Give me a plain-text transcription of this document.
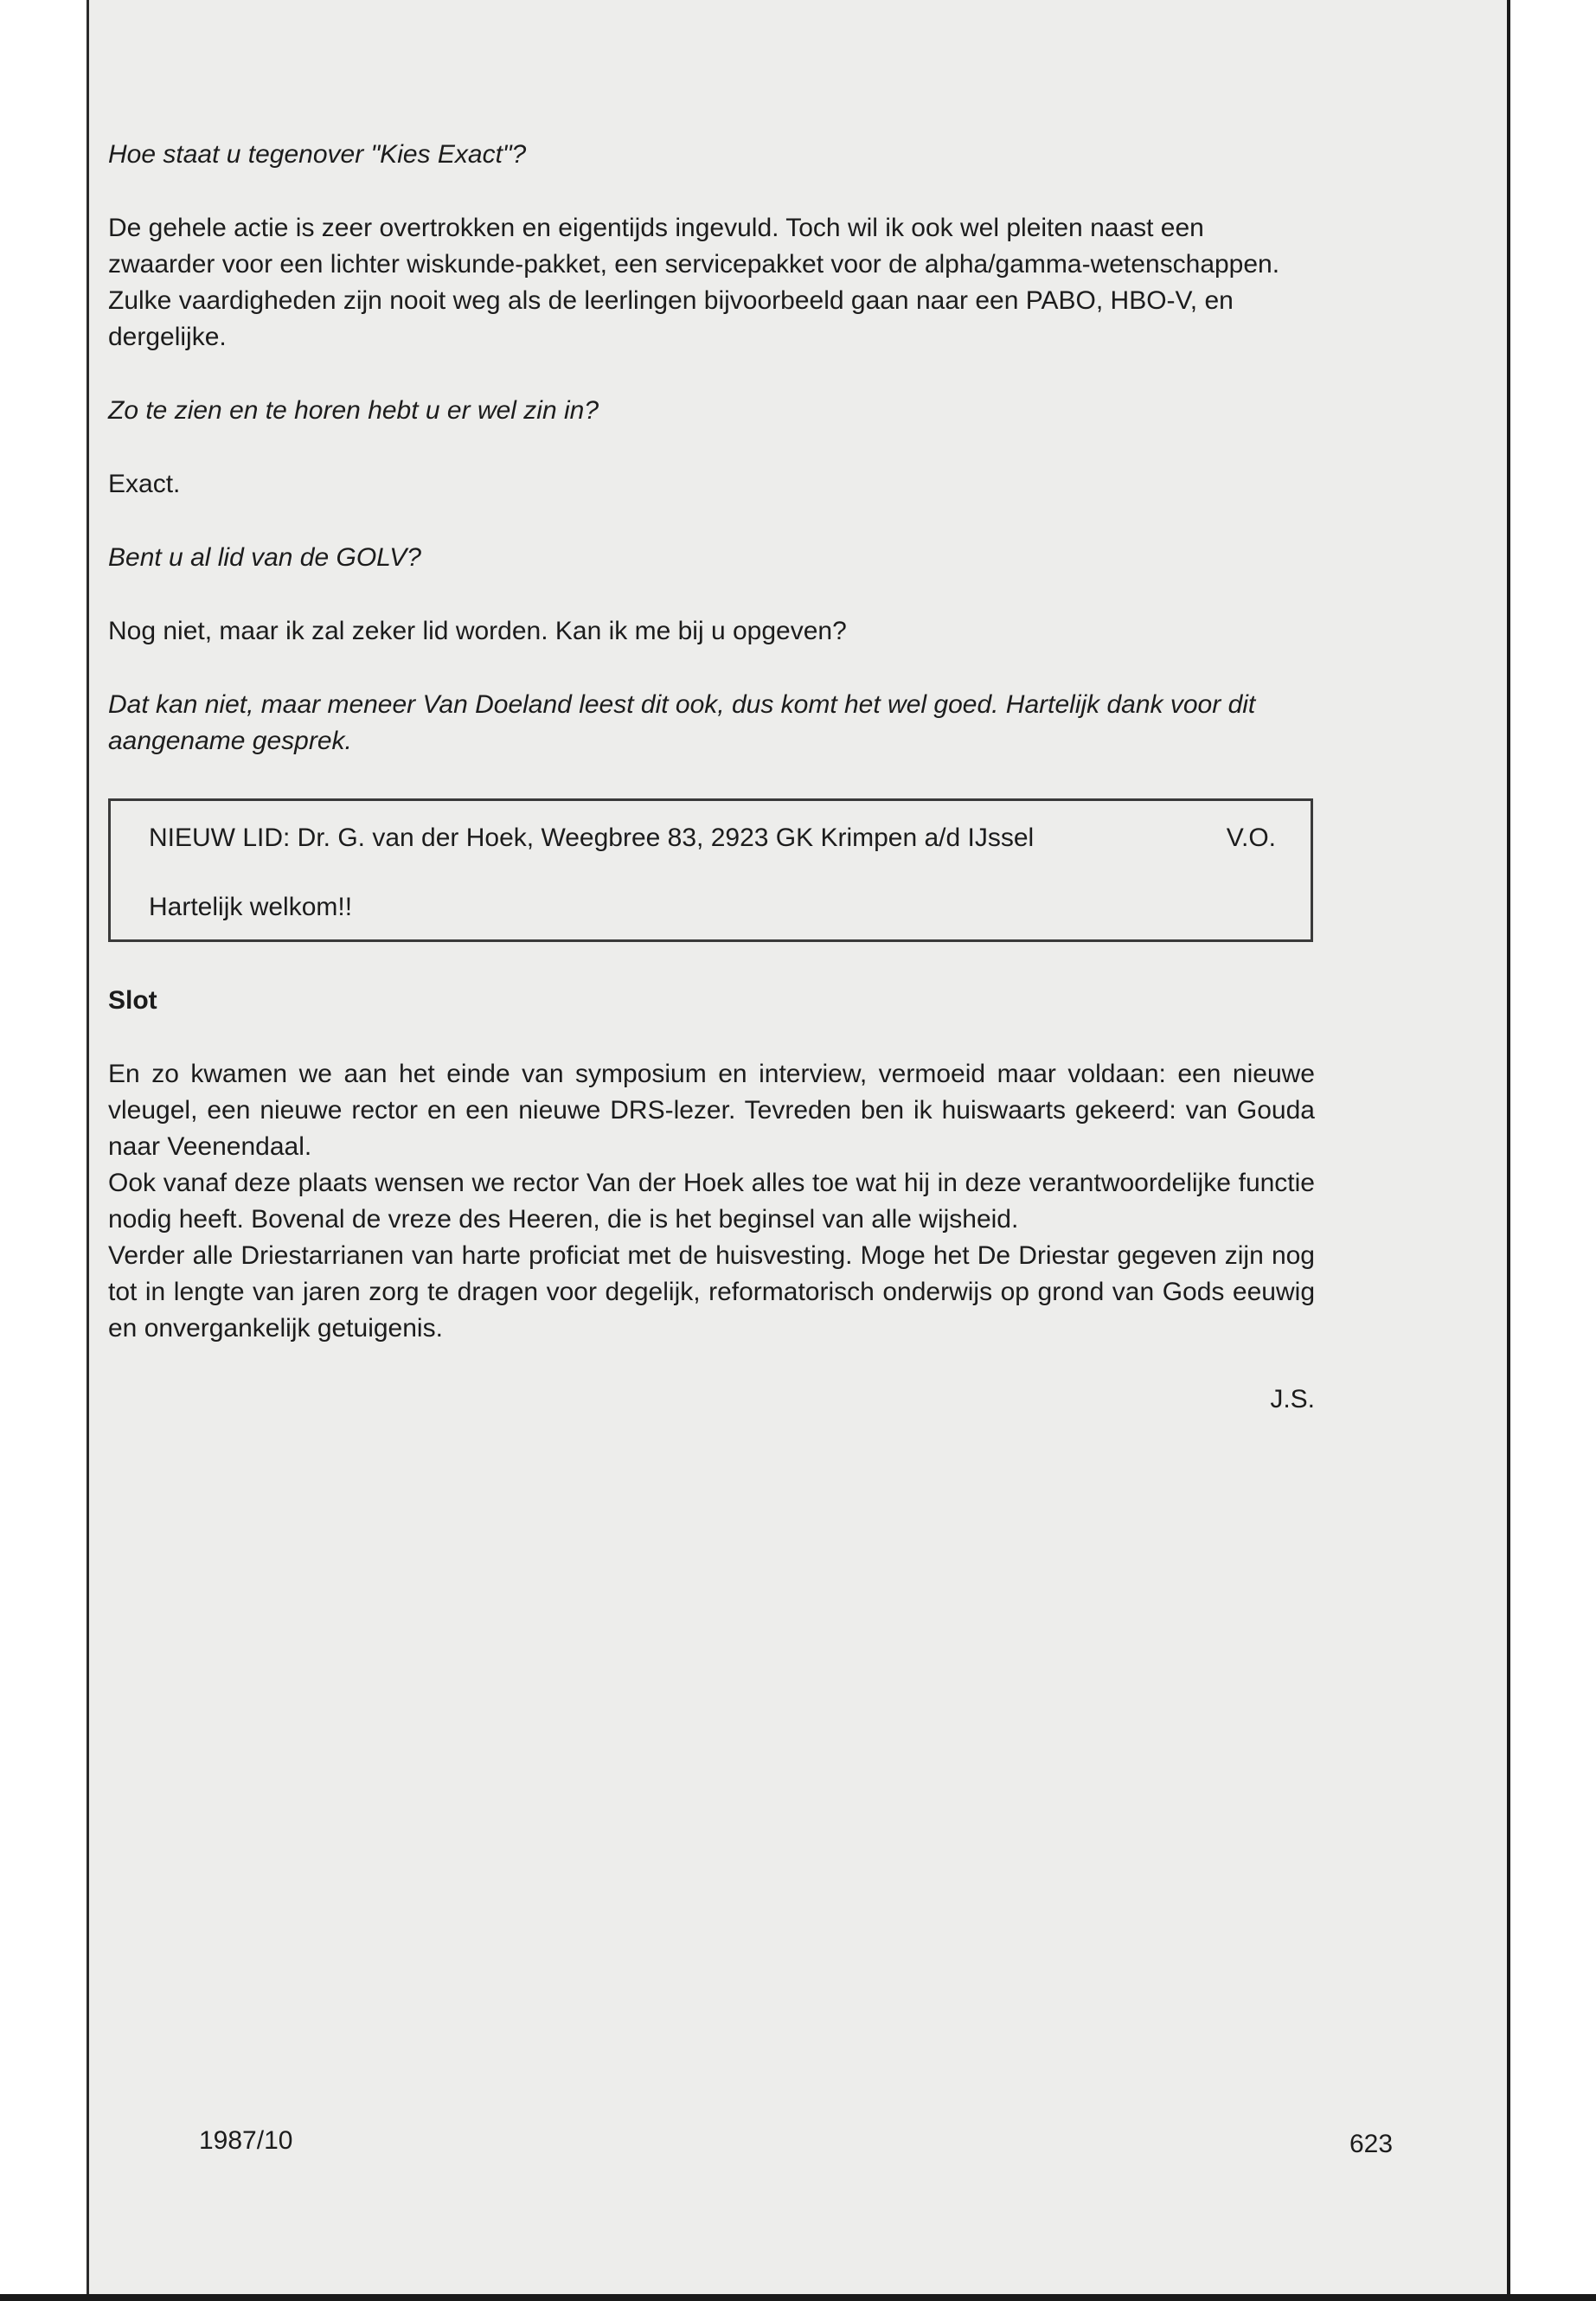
Hoe staat u tegenover "Kies Exact"?

De gehele actie is zeer overtrokken en eigentijds ingevuld. Toch wil ik ook wel pleiten naast een zwaarder voor een lichter wiskunde-pakket, een servicepakket voor de alpha/gamma-wetenschappen. Zulke vaardigheden zijn nooit weg als de leerlingen bijvoorbeeld gaan naar een PABO, HBO-V, en dergelijke.

Zo te zien en te horen hebt u er wel zin in?

Exact.

Bent u al lid van de GOLV?

Nog niet, maar ik zal zeker lid worden. Kan ik me bij u opgeven?

Dat kan niet, maar meneer Van Doeland leest dit ook, dus komt het wel goed. Hartelijk dank voor dit aangename gesprek.

NIEUW LID: Dr. G. van der Hoek, Weegbree 83, 2923 GK Krimpen a/d IJssel	V.O.
Hartelijk welkom!!

Slot

En zo kwamen we aan het einde van symposium en interview, vermoeid maar voldaan: een nieuwe vleugel, een nieuwe rector en een nieuwe DRS-lezer. Tevreden ben ik huiswaarts gekeerd: van Gouda naar Veenendaal.

Ook vanaf deze plaats wensen we rector Van der Hoek alles toe wat hij in deze verantwoordelijke functie nodig heeft. Bovenal de vreze des Heeren, die is het beginsel van alle wijsheid.

Verder alle Driestarrianen van harte proficiat met de huisvesting. Moge het De Driestar gegeven zijn nog tot in lengte van jaren zorg te dragen voor degelijk, reformatorisch onderwijs op grond van Gods eeuwig en onvergankelijk getuigenis.

J.S.

1987/10	623
